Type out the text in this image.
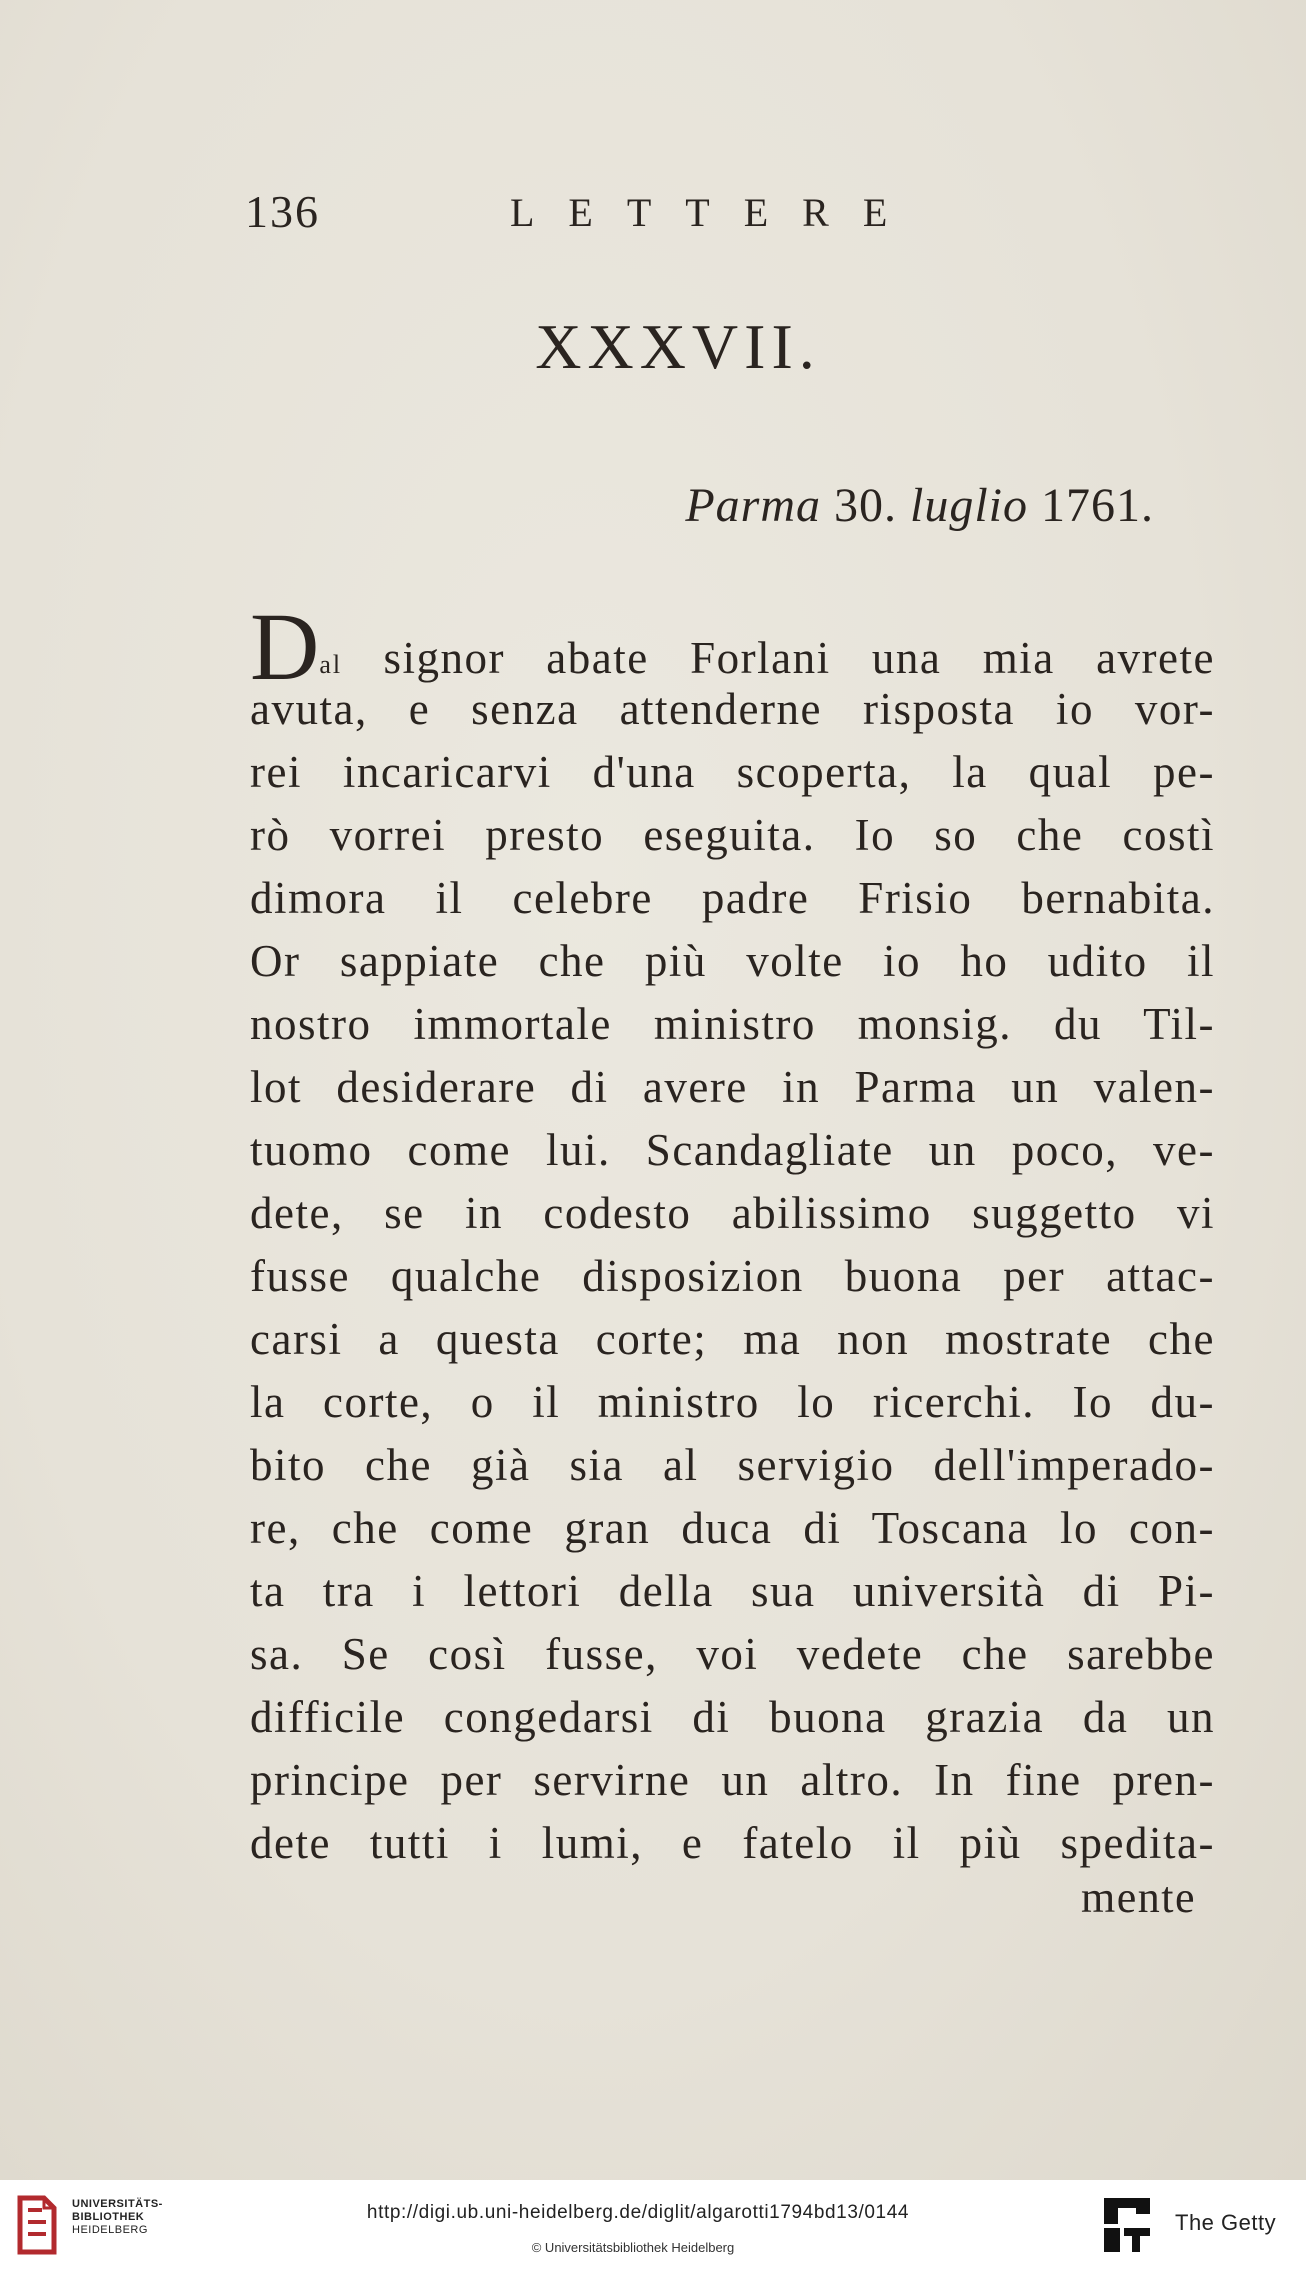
136	LETTERE
XXXVII.
Parma 30. luglio 1761.
Dal signor abate Forlani una mia avrete
avuta, e senza attenderne risposta io vor-
rei incaricarvi d'una scoperta, la qual pe-
rò vorrei presto eseguita. Io so che costì
dimora il celebre padre Frisio bernabita.
Or sappiate che più volte io ho udito il
nostro immortale ministro monsig. du Til-
lot desiderare di avere in Parma un valen-
tuomo come lui. Scandagliate un poco, ve-
dete, se in codesto abilissimo suggetto vi
fusse qualche disposizion buona per attac-
carsi a questa corte; ma non mostrate che
la corte, o il ministro lo ricerchi. Io du-
bito che già sia al servigio dell'imperado-
re, che come gran duca di Toscana lo con-
ta tra i lettori della sua università di Pi-
sa. Se così fusse, voi vedete che sarebbe
difficile congedarsi di buona grazia da un
principe per servirne un altro. In fine pren-
dete tutti i lumi, e fatelo il più spedita-
mente
UNIVERSITÄTS-
BIBLIOTHEK
HEIDELBERG
http://digi.ub.uni-heidelberg.de/diglit/algarotti1794bd13/0144
© Universitätsbibliothek Heidelberg
The Getty
